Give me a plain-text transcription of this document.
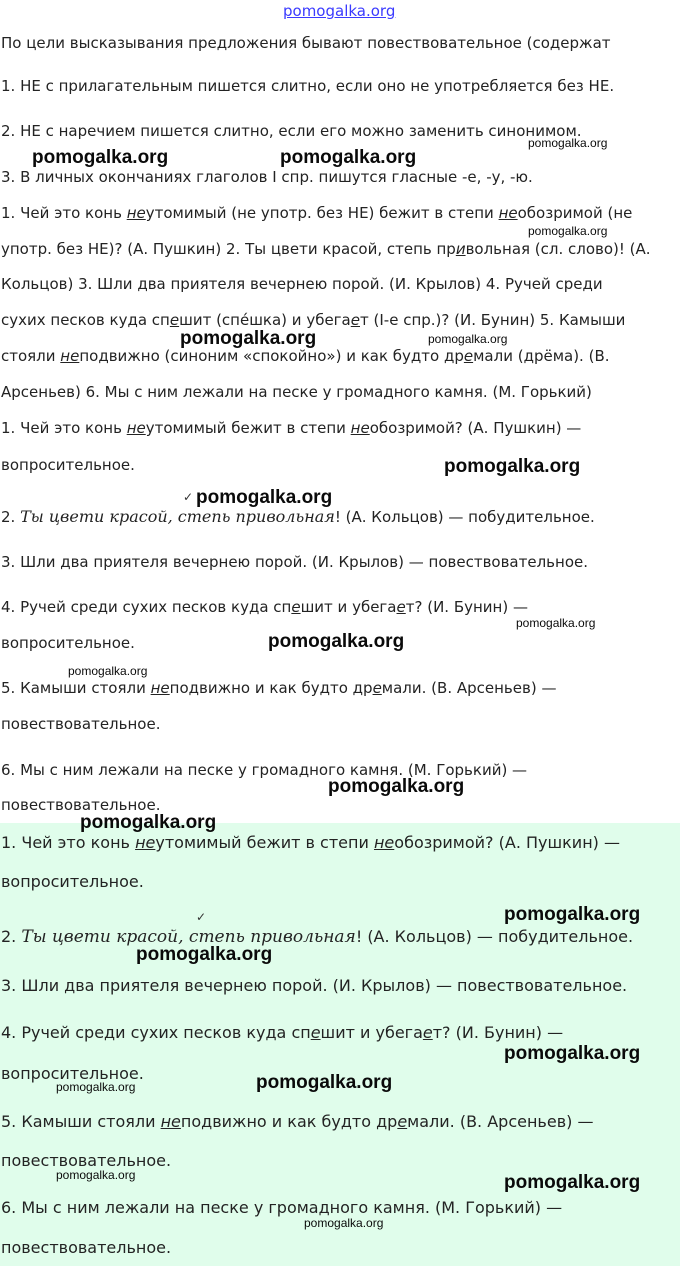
pomogalka.org
По цели высказывания предложения бывают повествовательное (содержат
1. НЕ с прилагательным пишется слитно, если оно не употребляется без НЕ.
2. НЕ с наречием пишется слитно, если его можно заменить синонимом.
3. В личных окончаниях глаголов I спр. пишутся гласные -е, -у, -ю.
1. Чей это конь неутомимый (не употр. без НЕ) бежит в степи необозримой (не
употр. без НЕ)? (А. Пушкин) 2. Ты цвети красой, степь привольная (сл. слово)! (А.
Кольцов) 3. Шли два приятеля вечернею порой. (И. Крылов) 4. Ручей среди
сухих песков куда спешит (спéшка) и убегает (I-е спр.)? (И. Бунин) 5. Камыши
стояли неподвижно (синоним «спокойно») и как будто дремали (дрёма). (В.
Арсеньев) 6. Мы с ним лежали на песке у громадного камня. (М. Горький)
1. Чей это конь неутомимый бежит в степи необозримой? (А. Пушкин) —
вопросительное.
2. Ты цвети красой, степь привольная! (А. Кольцов) — побудительное.
3. Шли два приятеля вечернею порой. (И. Крылов) — повествовательное.
4. Ручей среди сухих песков куда спешит и убегает? (И. Бунин) —
вопросительное.
5. Камыши стояли неподвижно и как будто дремали. (В. Арсеньев) —
повествовательное.
6. Мы с ним лежали на песке у громадного камня. (М. Горький) —
повествовательное.
1. Чей это конь неутомимый бежит в степи необозримой? (А. Пушкин) —
вопросительное.
2. Ты цвети красой, степь привольная! (А. Кольцов) — побудительное.
3. Шли два приятеля вечернею порой. (И. Крылов) — повествовательное.
4. Ручей среди сухих песков куда спешит и убегает? (И. Бунин) —
вопросительное.
5. Камыши стояли неподвижно и как будто дремали. (В. Арсеньев) —
повествовательное.
6. Мы с ним лежали на песке у громадного камня. (М. Горький) —
повествовательное.
✓
✓
pomogalka.org	pomogalka.org
pomogalka.org
pomogalka.org
pomogalka.org	pomogalka.org
pomogalka.org
pomogalka.org
pomogalka.org
pomogalka.org
pomogalka.org
pomogalka.org
pomogalka.org
pomogalka.org
pomogalka.org
pomogalka.org
pomogalka.org
pomogalka.org
pomogalka.org	pomogalka.org
pomogalka.org
